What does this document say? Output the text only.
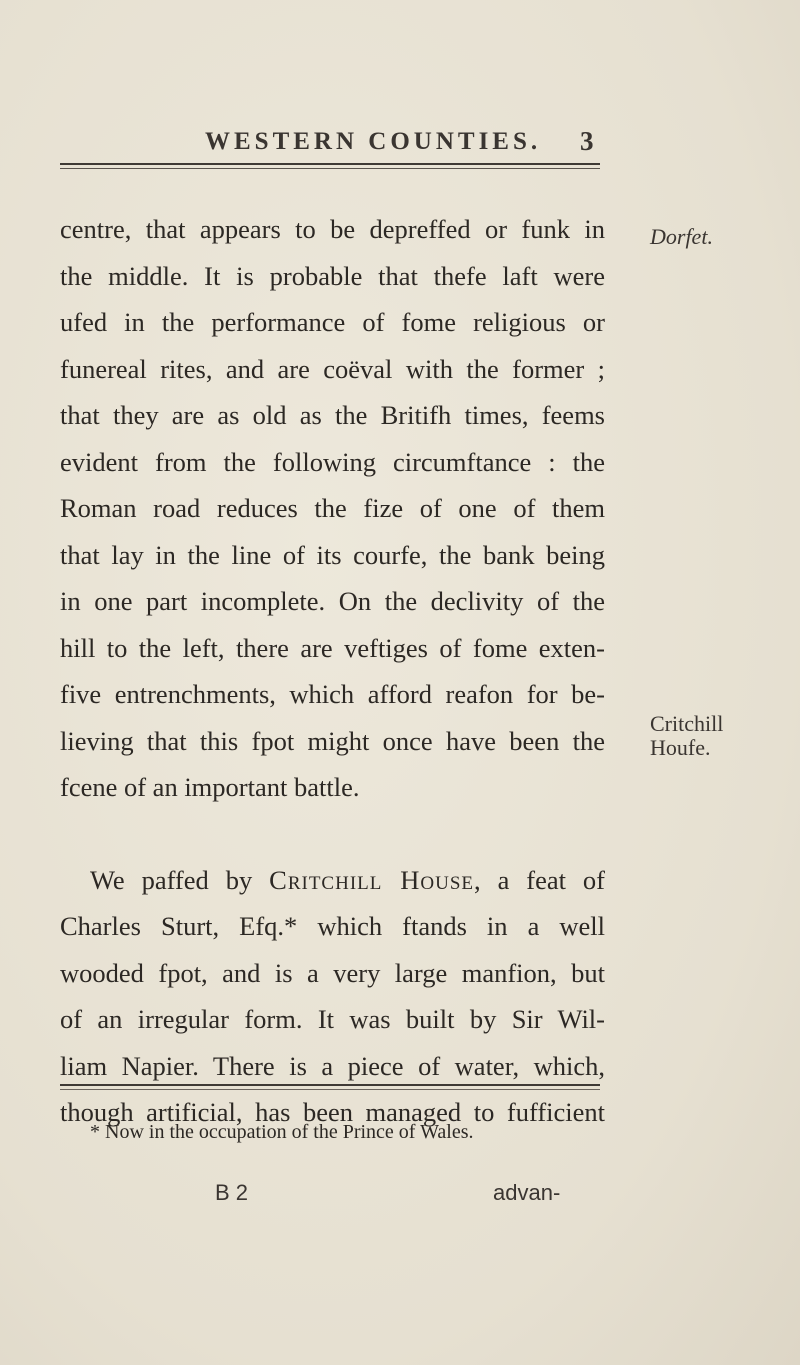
WESTERN COUNTIES. 3
Dorfet.
Critchill
Houfe.
centre, that appears to be depreffed or funk in
the middle. It is probable that thefe laft were
ufed in the performance of fome religious or
funereal rites, and are coëval with the former ;
that they are as old as the Britifh times, feems
evident from the following circumftance : the
Roman road reduces the fize of one of them
that lay in the line of its courfe, the bank being
in one part incomplete. On the declivity of the
hill to the left, there are veftiges of fome exten-
five entrenchments, which afford reafon for be-
lieving that this fpot might once have been the
fcene of an important battle.
We paffed by Critchill House, a feat of
Charles Sturt, Efq.* which ftands in a well
wooded fpot, and is a very large manfion, but
of an irregular form. It was built by Sir Wil-
liam Napier. There is a piece of water, which,
though artificial, has been managed to fufficient
* Now in the occupation of the Prince of Wales.
B 2	advan-
